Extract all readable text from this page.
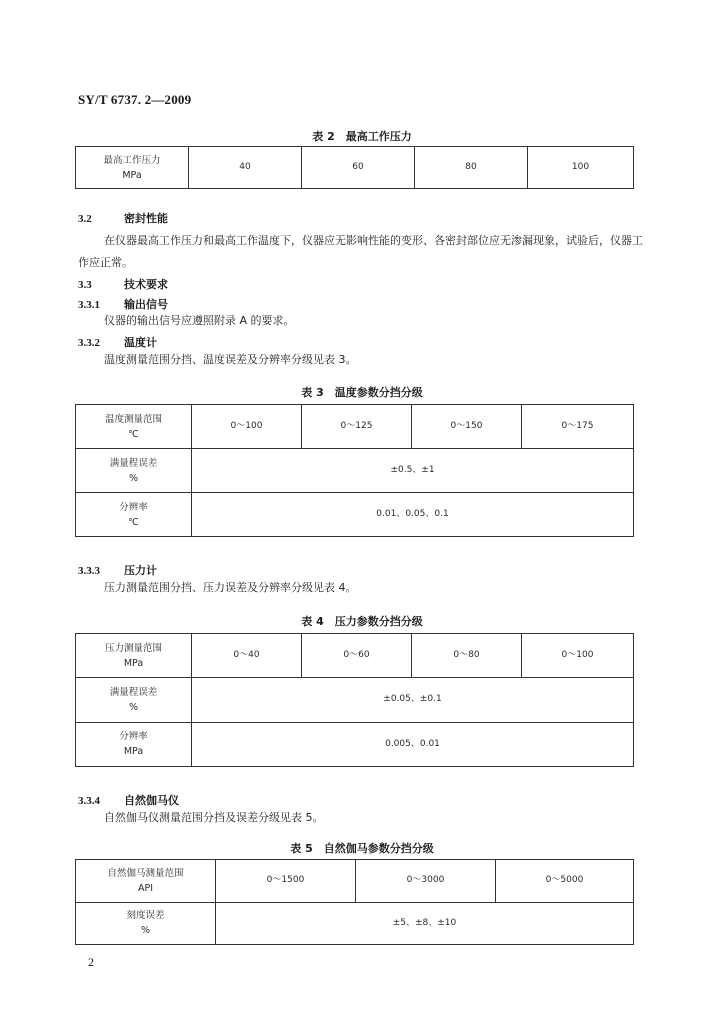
SY/T 6737. 2—2009
表 2　最高工作压力
最高工作压力
MPa
	40	60	80	100
3.2	密封性能
在仪器最高工作压力和最高工作温度下，仪器应无影响性能的变形、各密封部位应无渗漏现象，试验后，仪器工作应正常。
3.3	技术要求
3.3.1 输出信号
仪器的输出信号应遵照附录 A 的要求。
3.3.2 温度计
温度测量范围分挡、温度误差及分辨率分级见表 3。
表 3　温度参数分挡分级
温度测量范围
℃	0～100	0～125	0～150	0～175

满量程误差
%	±0.5、±1			

分辨率
℃	0.01、0.05、0.1			
3.3.3 压力计
压力测量范围分挡、压力误差及分辨率分级见表 4。
表 4　压力参数分挡分级
压力测量范围
MPa	0～40	0～60	0～80	0～100

满量程误差
%	±0.05、±0.1			

分辨率
MPa	0.005、0.01			
3.3.4 自然伽马仪
自然伽马仪测量范围分挡及误差分级见表 5。
表 5　自然伽马参数分挡分级
自然伽马测量范围
API	0～1500	0～3000	0～5000

刻度误差
%	±5、±8、±10		
2
